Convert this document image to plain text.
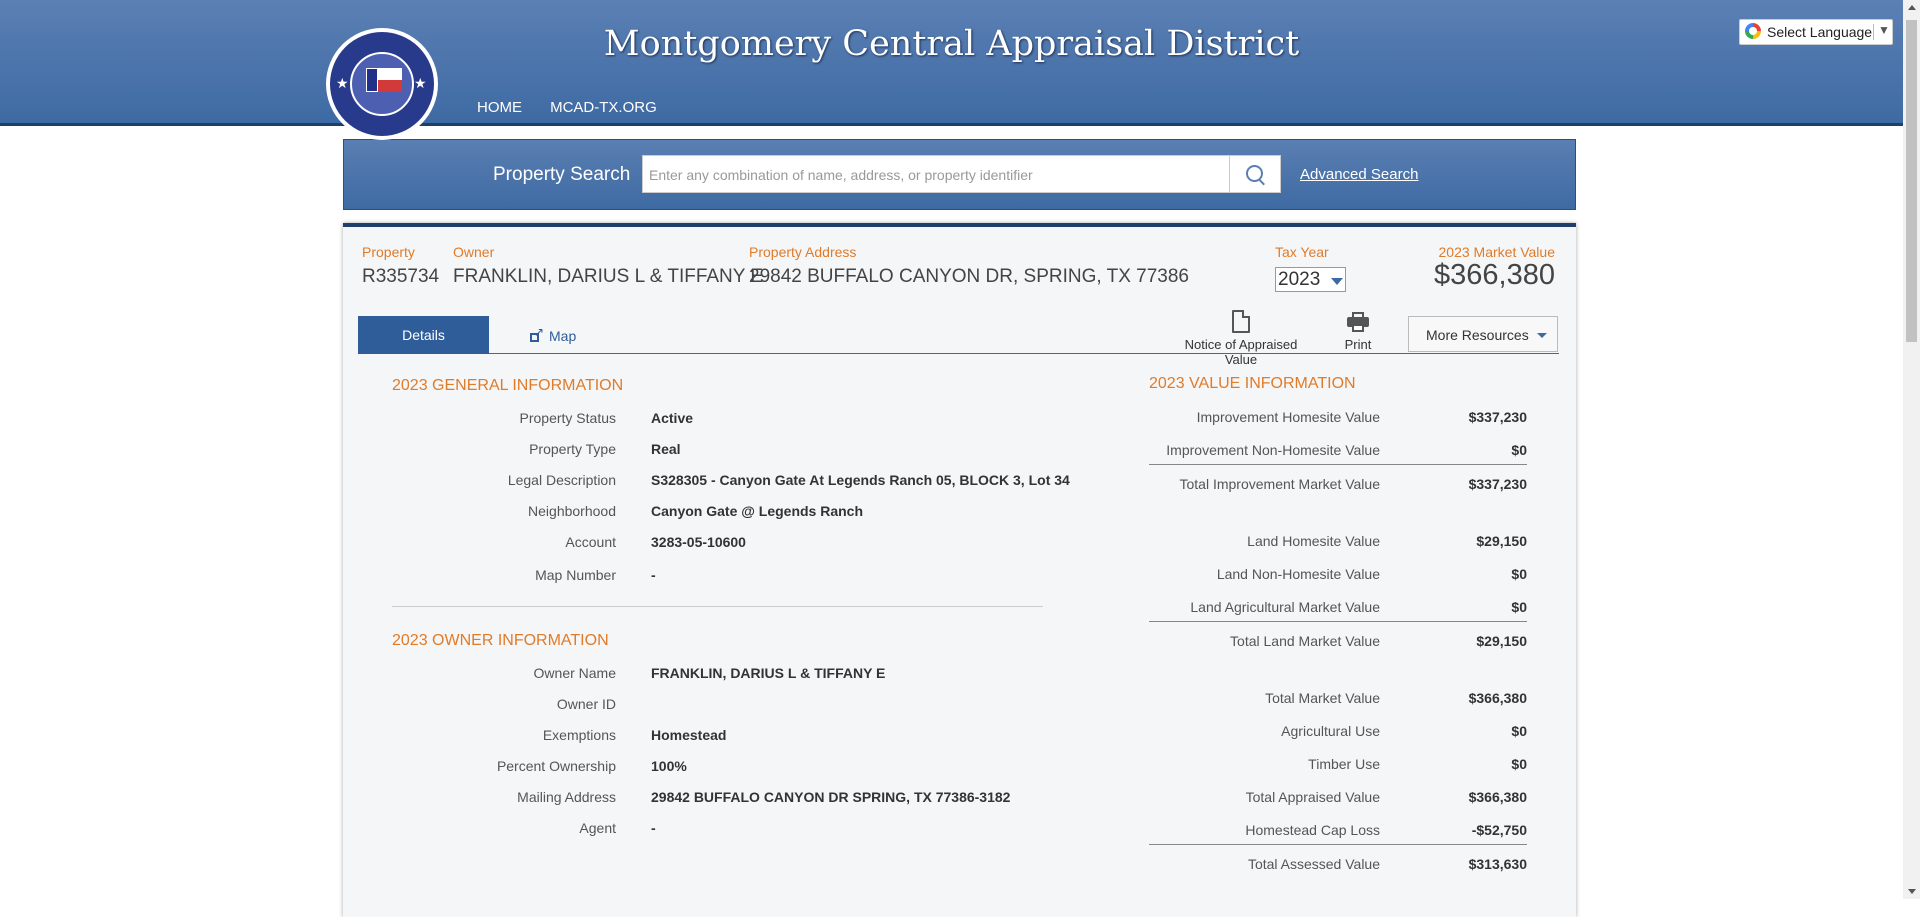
Montgomery Central Appraisal District
HOME MCAD-TX.ORG
★	★
Select Language ▼
Property Search	Enter any combination of name, address, or property identifier	Advanced Search
Property
R335734
Owner
FRANKLIN, DARIUS L & TIFFANY E
Property Address
29842 BUFFALO CANYON DR, SPRING, TX 77386
Tax Year
2023
2023 Market Value
$366,380
Details
↗	Map
Notice of Appraised Value
Print
More Resources
2023 GENERAL INFORMATION
Property Status	Active
Property Type	Real
Legal Description	S328305 - Canyon Gate At Legends Ranch 05, BLOCK 3, Lot 34
Neighborhood	Canyon Gate @ Legends Ranch
Account	3283-05-10600
Map Number	-
2023 OWNER INFORMATION
Owner Name	FRANKLIN, DARIUS L & TIFFANY E
Owner ID
Exemptions	Homestead
Percent Ownership	100%
Mailing Address	29842 BUFFALO CANYON DR SPRING, TX 77386-3182
Agent	-
2023 VALUE INFORMATION
Improvement Homesite Value	$337,230
Improvement Non-Homesite Value	$0
Total Improvement Market Value	$337,230
Land Homesite Value	$29,150
Land Non-Homesite Value	$0
Land Agricultural Market Value	$0
Total Land Market Value	$29,150
Total Market Value	$366,380
Agricultural Use	$0
Timber Use	$0
Total Appraised Value	$366,380
Homestead Cap Loss	-$52,750
Total Assessed Value	$313,630
